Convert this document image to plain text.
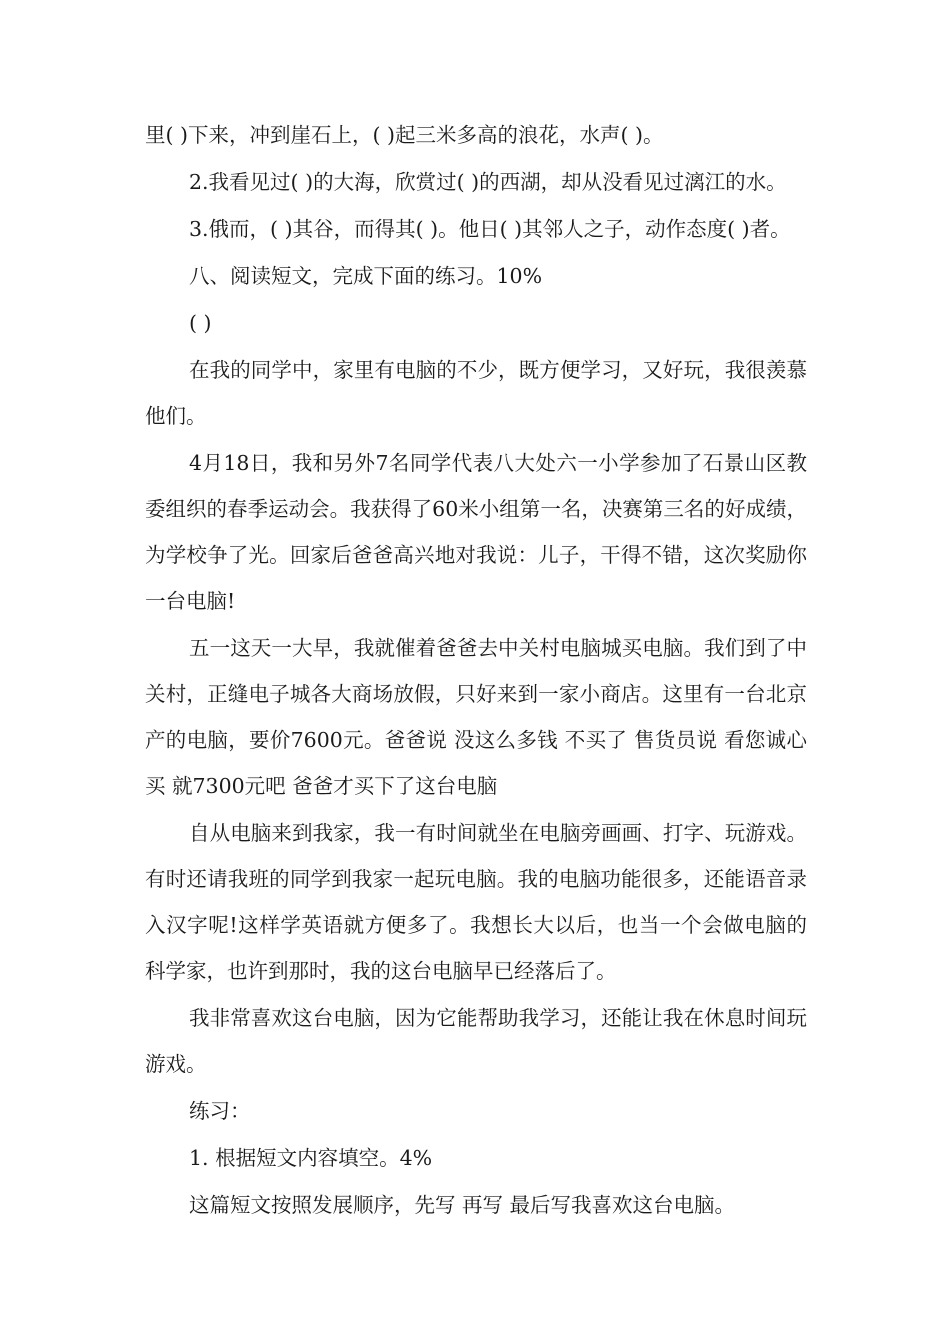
里( )下来，冲到崖石上，( )起三米多高的浪花，水声( )。

2.我看见过( )的大海，欣赏过( )的西湖，却从没看见过漓江的水。

3.俄而，( )其谷，而得其( )。他日( )其邻人之子，动作态度( )者。

八、阅读短文，完成下面的练习。10%

( )

在我的同学中，家里有电脑的不少，既方便学习，又好玩，我很羡慕他们。

4月18日，我和另外7名同学代表八大处六一小学参加了石景山区教委组织的春季运动会。我获得了60米小组第一名，决赛第三名的好成绩，为学校争了光。回家后爸爸高兴地对我说：儿子，干得不错，这次奖励你一台电脑!

五一这天一大早，我就催着爸爸去中关村电脑城买电脑。我们到了中关村，正缝电子城各大商场放假，只好来到一家小商店。这里有一台北京产的电脑，要价7600元。爸爸说 没这么多钱 不买了 售货员说 看您诚心买 就7300元吧 爸爸才买下了这台电脑

自从电脑来到我家，我一有时间就坐在电脑旁画画、打字、玩游戏。有时还请我班的同学到我家一起玩电脑。我的电脑功能很多，还能语音录入汉字呢!这样学英语就方便多了。我想长大以后，也当一个会做电脑的科学家，也许到那时，我的这台电脑早已经落后了。

我非常喜欢这台电脑，因为它能帮助我学习，还能让我在休息时间玩游戏。

练习：

1. 根据短文内容填空。4%

这篇短文按照发展顺序，先写 再写 最后写我喜欢这台电脑。
